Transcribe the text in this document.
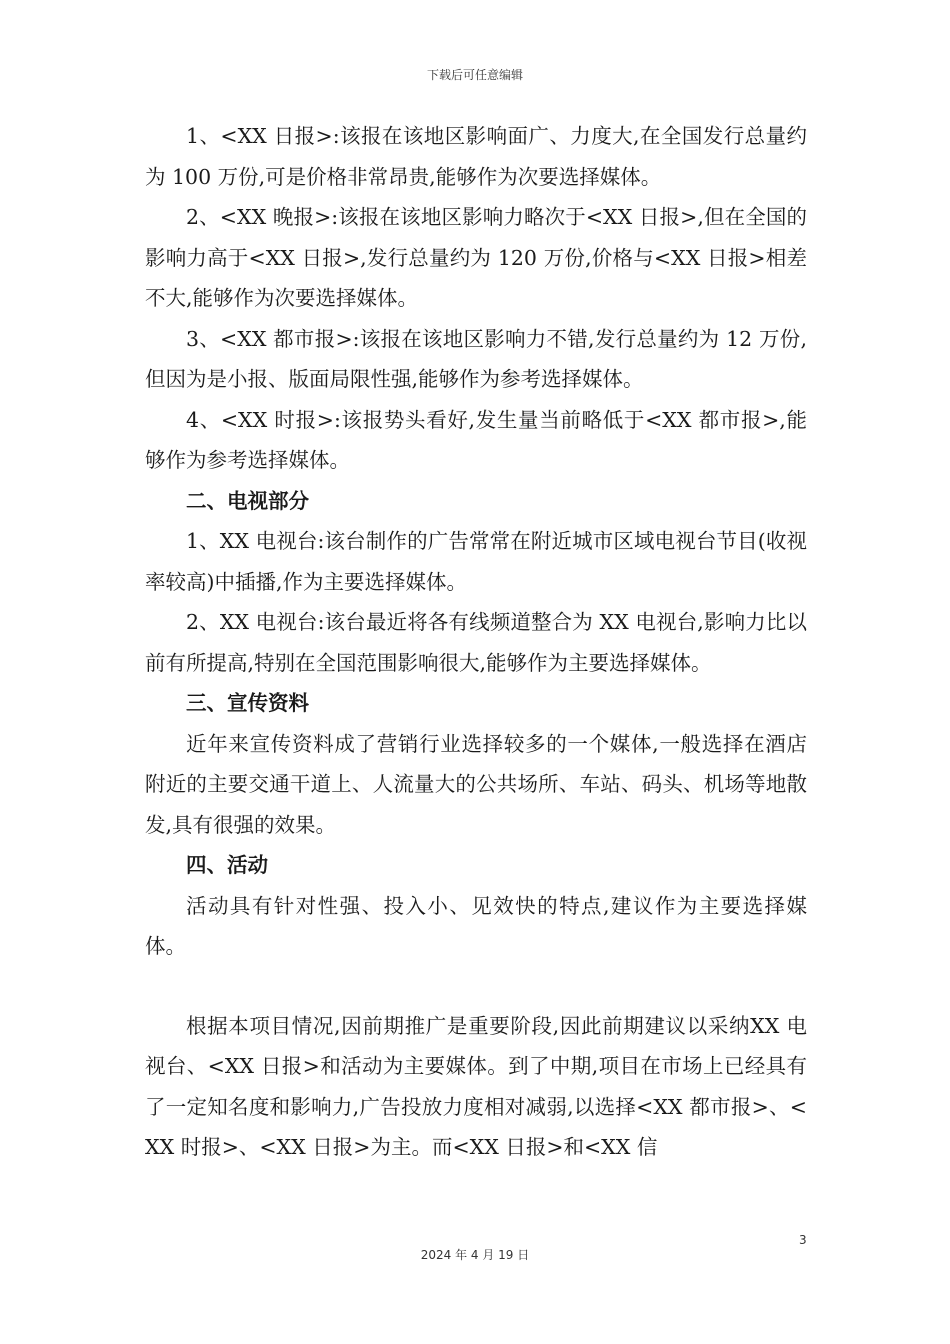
下载后可任意编辑

1、<XX 日报>:该报在该地区影响面广、力度大,在全国发行总量约为 100 万份,可是价格非常昂贵,能够作为次要选择媒体。

2、<XX 晚报>:该报在该地区影响力略次于<XX 日报>,但在全国的影响力高于<XX 日报>,发行总量约为 120 万份,价格与<XX 日报>相差不大,能够作为次要选择媒体。

3、<XX 都市报>:该报在该地区影响力不错,发行总量约为 12 万份,但因为是小报、版面局限性强,能够作为参考选择媒体。

4、<XX 时报>:该报势头看好,发生量当前略低于<XX 都市报>,能够作为参考选择媒体。

二、电视部分

1、XX 电视台:该台制作的广告常常在附近城市区域电视台节目(收视率较高)中插播,作为主要选择媒体。

2、XX 电视台:该台最近将各有线频道整合为 XX 电视台,影响力比以前有所提高,特别在全国范围影响很大,能够作为主要选择媒体。

三、宣传资料

近年来宣传资料成了营销行业选择较多的一个媒体,一般选择在酒店附近的主要交通干道上、人流量大的公共场所、车站、码头、机场等地散发,具有很强的效果。

四、活动

活动具有针对性强、投入小、见效快的特点,建议作为主要选择媒体。

根据本项目情况,因前期推广是重要阶段,因此前期建议以采纳XX 电视台、<XX 日报>和活动为主要媒体。到了中期,项目在市场上已经具有了一定知名度和影响力,广告投放力度相对减弱,以选择<XX 都市报>、<XX 时报>、<XX 日报>为主。而<XX 日报>和<XX 信

3
2024 年 4 月 19 日
